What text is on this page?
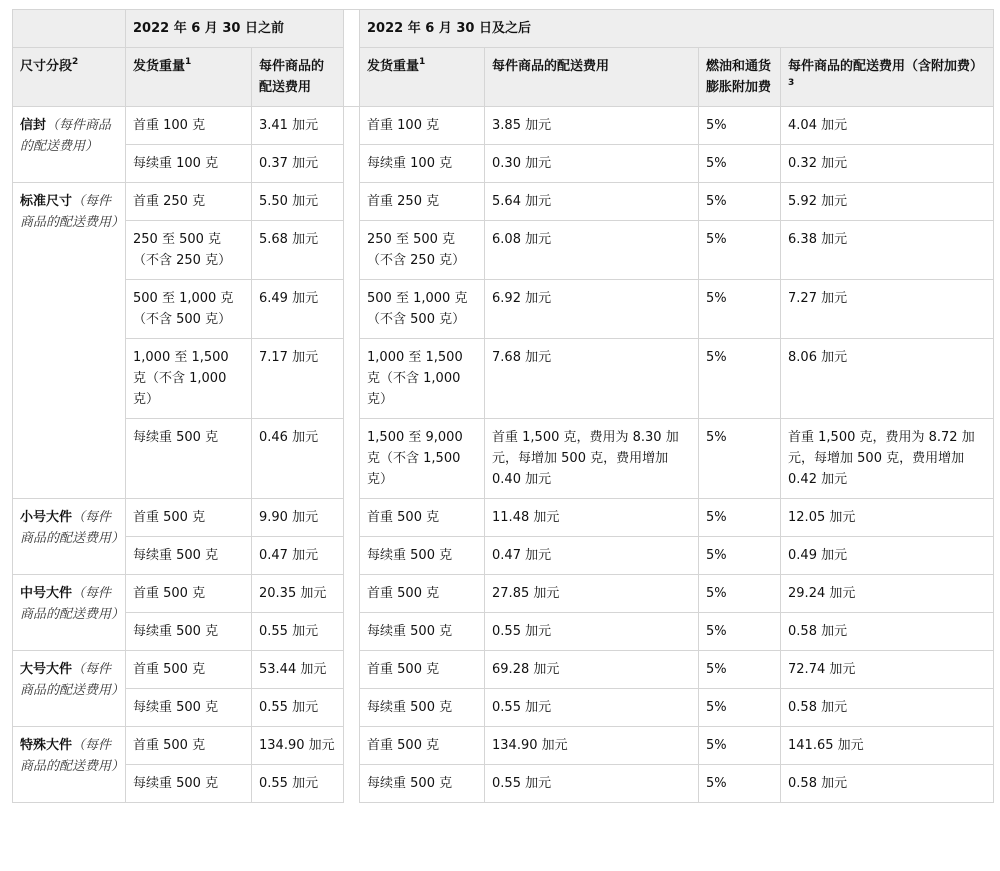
	2022 年 6 月 30 日之前			2022 年 6 月 30 日及之后			
尺寸分段$^2$	发货重量$^1$	每件商品的配送费用		发货重量$^1$	每件商品的配送费用	燃油和通货膨胀附加费	每件商品的配送费用（含附加费）$^3$
信封（每件商品的配送费用）	首重 100 克	3.41 加元		首重 100 克	3.85 加元	5%	4.04 加元
	每续重 100 克	0.37 加元		每续重 100 克	0.30 加元	5%	0.32 加元
标准尺寸（每件商品的配送费用）	首重 250 克	5.50 加元		首重 250 克	5.64 加元	5%	5.92 加元
	250 至 500 克（不含 250 克）	5.68 加元		250 至 500 克（不含 250 克）	6.08 加元	5%	6.38 加元
	500 至 1,000 克（不含 500 克）	6.49 加元		500 至 1,000 克（不含 500 克）	6.92 加元	5%	7.27 加元
	1,000 至 1,500 克（不含 1,000 克）	7.17 加元		1,000 至 1,500 克（不含 1,000 克）	7.68 加元	5%	8.06 加元
	每续重 500 克	0.46 加元		1,500 至 9,000 克（不含 1,500 克）	首重 1,500 克，费用为 8.30 加元，每增加 500 克，费用增加 0.40 加元	5%	首重 1,500 克，费用为 8.72 加元，每增加 500 克，费用增加 0.42 加元
小号大件（每件商品的配送费用）	首重 500 克	9.90 加元		首重 500 克	11.48 加元	5%	12.05 加元
	每续重 500 克	0.47 加元		每续重 500 克	0.47 加元	5%	0.49 加元
中号大件（每件商品的配送费用）	首重 500 克	20.35 加元		首重 500 克	27.85 加元	5%	29.24 加元
	每续重 500 克	0.55 加元		每续重 500 克	0.55 加元	5%	0.58 加元
大号大件（每件商品的配送费用）	首重 500 克	53.44 加元		首重 500 克	69.28 加元	5%	72.74 加元
	每续重 500 克	0.55 加元		每续重 500 克	0.55 加元	5%	0.58 加元
特殊大件（每件商品的配送费用）	首重 500 克	134.90 加元		首重 500 克	134.90 加元	5%	141.65 加元
	每续重 500 克	0.55 加元		每续重 500 克	0.55 加元	5%	0.58 加元
